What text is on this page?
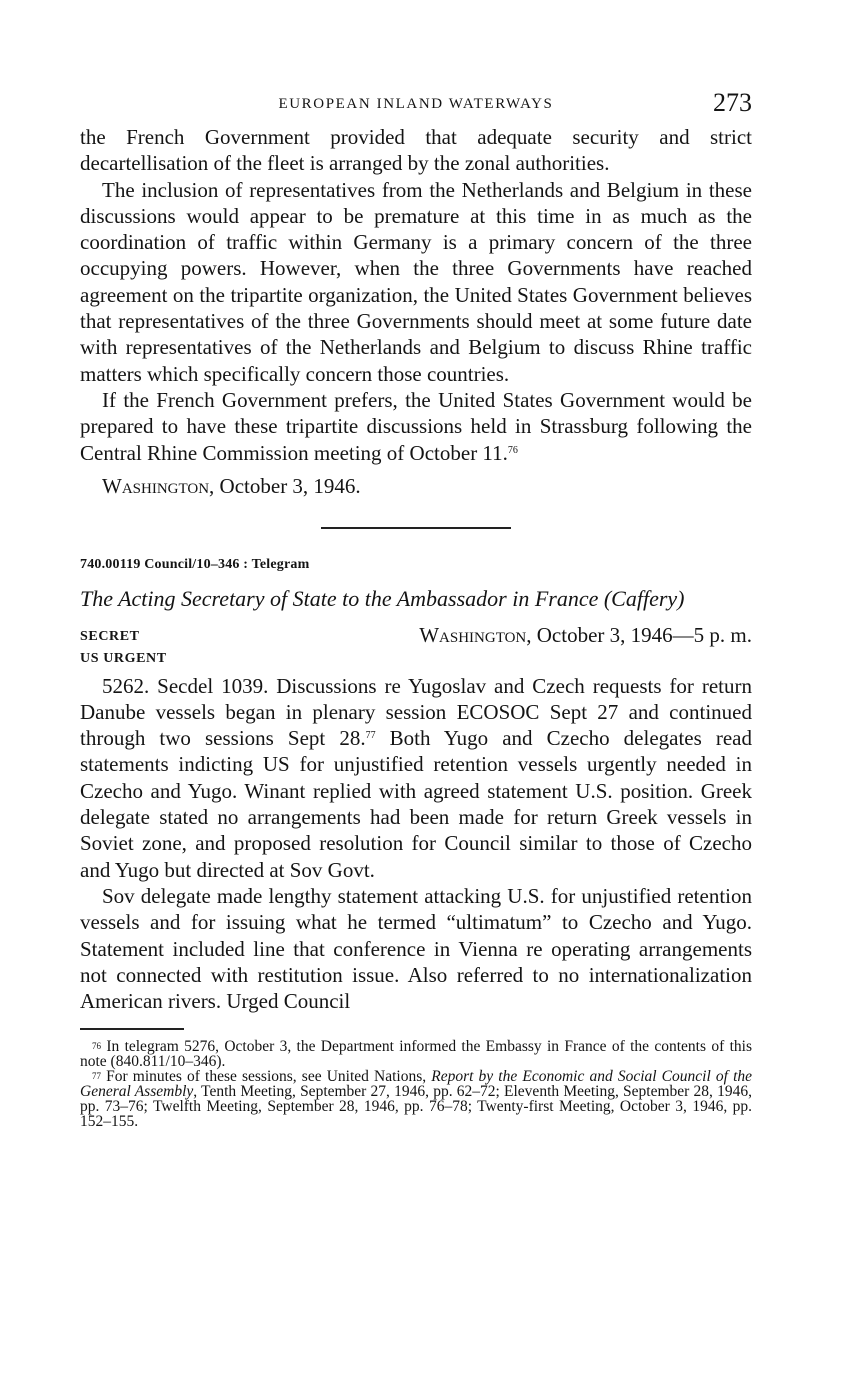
EUROPEAN INLAND WATERWAYS	273

the French Government provided that adequate security and strict decartellisation of the fleet is arranged by the zonal authorities.

The inclusion of representatives from the Netherlands and Belgium in these discussions would appear to be premature at this time in as much as the coordination of traffic within Germany is a primary concern of the three occupying powers. However, when the three Governments have reached agreement on the tripartite organization, the United States Government believes that representatives of the three Governments should meet at some future date with representatives of the Netherlands and Belgium to discuss Rhine traffic matters which specifically concern those countries.

If the French Government prefers, the United States Government would be prepared to have these tripartite discussions held in Strassburg following the Central Rhine Commission meeting of October 11.76

Washington, October 3, 1946.

740.00119 Council/10–346 : Telegram
The Acting Secretary of State to the Ambassador in France (Caffery)
SECRET	Washington, October 3, 1946—5 p. m.
US URGENT

5262. Secdel 1039. Discussions re Yugoslav and Czech requests for return Danube vessels began in plenary session ECOSOC Sept 27 and continued through two sessions Sept 28.77 Both Yugo and Czecho delegates read statements indicting US for unjustified retention vessels urgently needed in Czecho and Yugo. Winant replied with agreed statement U.S. position. Greek delegate stated no arrangements had been made for return Greek vessels in Soviet zone, and proposed resolution for Council similar to those of Czecho and Yugo but directed at Sov Govt.

Sov delegate made lengthy statement attacking U.S. for unjustified retention vessels and for issuing what he termed “ultimatum” to Czecho and Yugo. Statement included line that conference in Vienna re operating arrangements not connected with restitution issue. Also referred to no internationalization American rivers. Urged Council

$^{76}$ In telegram 5276, October 3, the Department informed the Embassy in France of the contents of this note (840.811/10–346).

$^{77}$ For minutes of these sessions, see United Nations, Report by the Economic and Social Council of the General Assembly, Tenth Meeting, September 27, 1946, pp. 62–72; Eleventh Meeting, September 28, 1946, pp. 73–76; Twelfth Meeting, September 28, 1946, pp. 76–78; Twenty-first Meeting, October 3, 1946, pp. 152–155.
